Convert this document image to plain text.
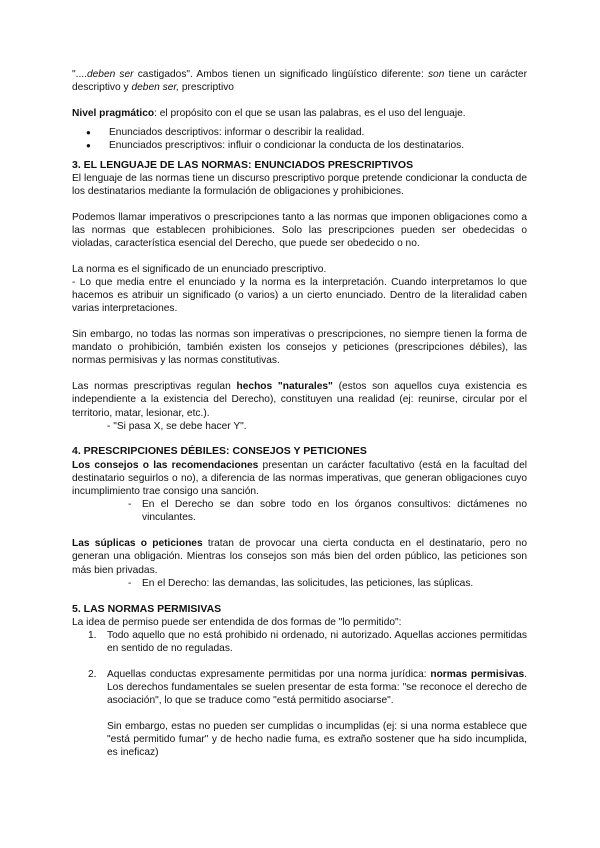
"....deben ser castigados". Ambos tienen un significado lingüístico diferente: son tiene un carácter descriptivo y deben ser, prescriptivo

Nivel pragmático: el propósito con el que se usan las palabras, es el uso del lenguaje.

● Enunciados descriptivos: informar o describir la realidad.
● Enunciados prescriptivos: influir o condicionar la conducta de los destinatarios.
3. EL LENGUAJE DE LAS NORMAS: ENUNCIADOS PRESCRIPTIVOS

El lenguaje de las normas tiene un discurso prescriptivo porque pretende condicionar la conducta de los destinatarios mediante la formulación de obligaciones y prohibiciones.

Podemos llamar imperativos o prescripciones tanto a las normas que imponen obligaciones como a las normas que establecen prohibiciones. Solo las prescripciones pueden ser obedecidas o violadas, característica esencial del Derecho, que puede ser obedecido o no.

La norma es el significado de un enunciado prescriptivo.

- Lo que media entre el enunciado y la norma es la interpretación. Cuando interpretamos lo que hacemos es atribuir un significado (o varios) a un cierto enunciado. Dentro de la literalidad caben varias interpretaciones.

Sin embargo, no todas las normas son imperativas o prescripciones, no siempre tienen la forma de mandato o prohibición, también existen los consejos y peticiones (prescripciones débiles), las normas permisivas y las normas constitutivas.

Las normas prescriptivas regulan hechos "naturales" (estos son aquellos cuya existencia es independiente a la existencia del Derecho), constituyen una realidad (ej: reunirse, circular por el territorio, matar, lesionar, etc.).

- "Si pasa X, se debe hacer Y".

4. PRESCRIPCIONES DÉBILES: CONSEJOS Y PETICIONES

Los consejos o las recomendaciones presentan un carácter facultativo (está en la facultad del destinatario seguirlos o no), a diferencia de las normas imperativas, que generan obligaciones cuyo incumplimiento trae consigo una sanción.

- En el Derecho se dan sobre todo en los órganos consultivos: dictámenes no vinculantes.

Las súplicas o peticiones tratan de provocar una cierta conducta en el destinatario, pero no generan una obligación. Mientras los consejos son más bien del orden público, las peticiones son más bien privadas.

- En el Derecho: las demandas, las solicitudes, las peticiones, las súplicas.

5. LAS NORMAS PERMISIVAS

La idea de permiso puede ser entendida de dos formas de "lo permitido":

1. Todo aquello que no está prohibido ni ordenado, ni autorizado. Aquellas acciones permitidas en sentido de no reguladas.

2. Aquellas conductas expresamente permitidas por una norma jurídica: normas permisivas. Los derechos fundamentales se suelen presentar de esta forma: "se reconoce el derecho de asociación", lo que se traduce como "está permitido asociarse".

Sin embargo, estas no pueden ser cumplidas o incumplidas (ej: si una norma establece que "está permitido fumar" y de hecho nadie fuma, es extraño sostener que ha sido incumplida, es ineficaz)
